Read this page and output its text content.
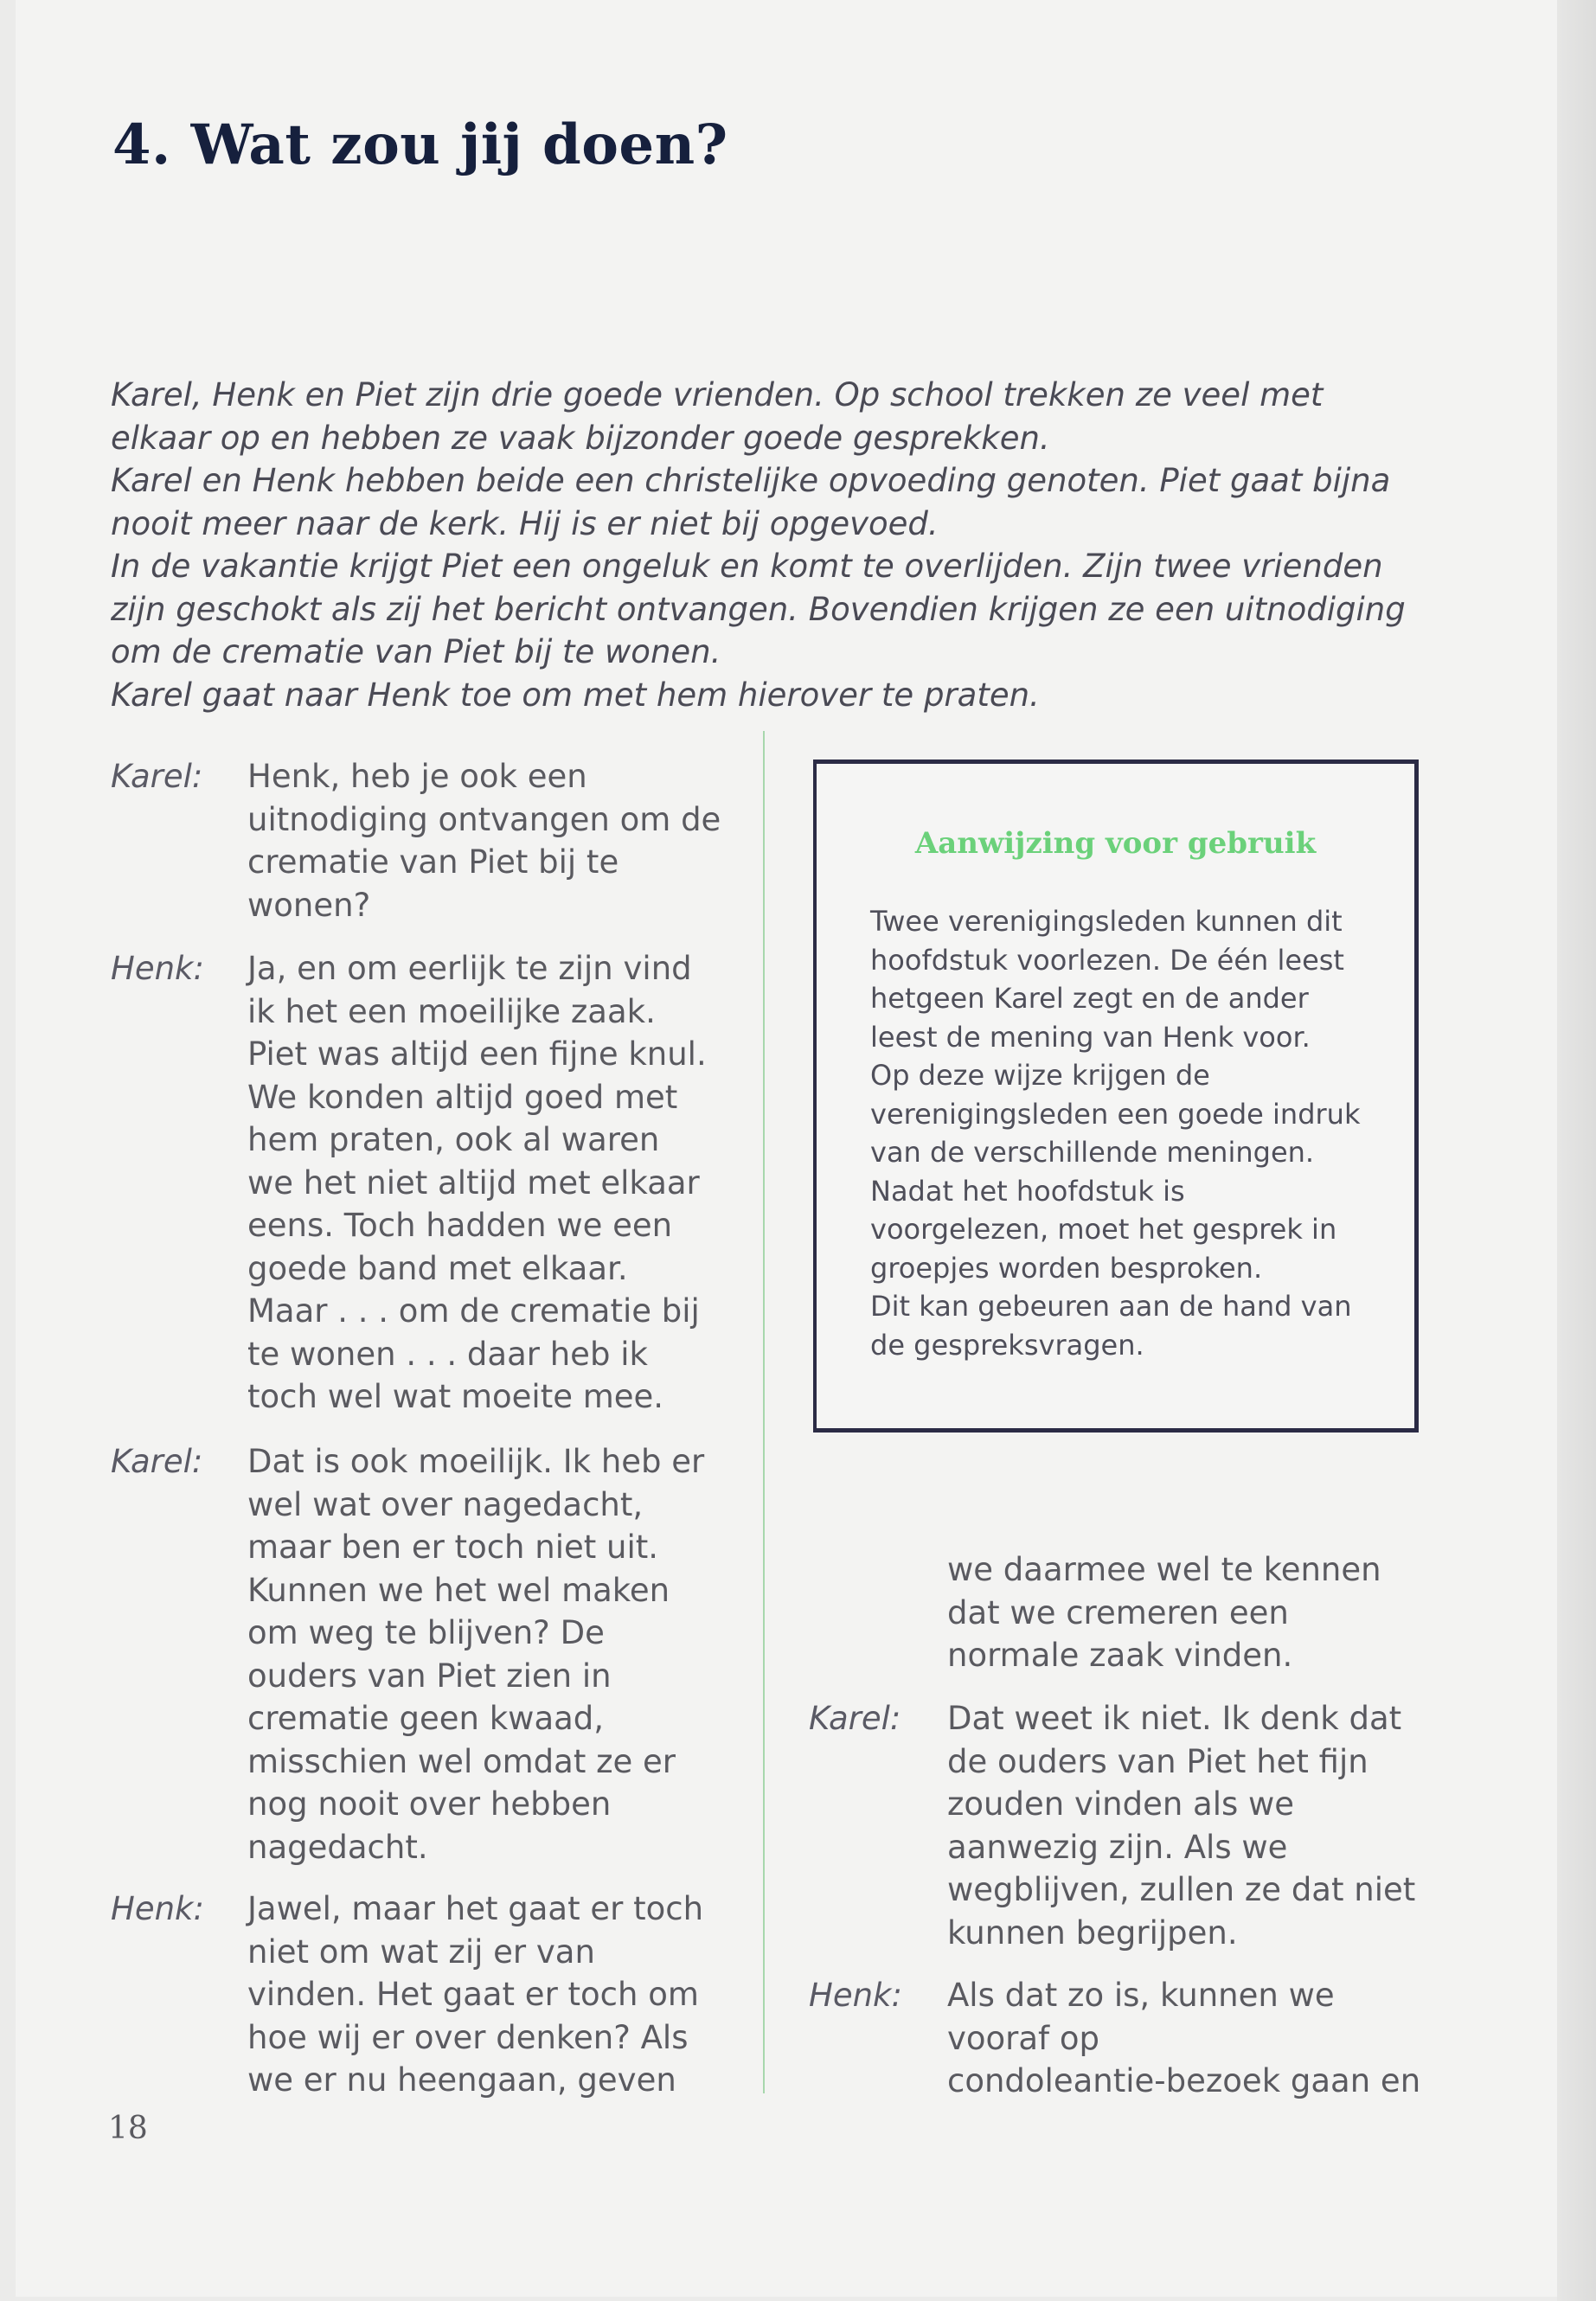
4. Wat zou jij doen?

Karel, Henk en Piet zijn drie goede vrienden. Op school trekken ze veel met

elkaar op en hebben ze vaak bijzonder goede gesprekken.

Karel en Henk hebben beide een christelijke opvoeding genoten. Piet gaat bijna

nooit meer naar de kerk. Hij is er niet bij opgevoed.

In de vakantie krijgt Piet een ongeluk en komt te overlijden. Zijn twee vrienden

zijn geschokt als zij het bericht ontvangen. Bovendien krijgen ze een uitnodiging

om de crematie van Piet bij te wonen.

Karel gaat naar Henk toe om met hem hierover te praten.

Karel: Henk, heb je ook een
uitnodiging ontvangen om de
crematie van Piet bij te
wonen?
Henk: Ja, en om eerlijk te zijn vind
ik het een moeilijke zaak.
Piet was altijd een fijne knul.
We konden altijd goed met
hem praten, ook al waren
we het niet altijd met elkaar
eens. Toch hadden we een
goede band met elkaar.
Maar . . . om de crematie bij
te wonen . . . daar heb ik
toch wel wat moeite mee.
Karel: Dat is ook moeilijk. Ik heb er
wel wat over nagedacht,
maar ben er toch niet uit.
Kunnen we het wel maken
om weg te blijven? De
ouders van Piet zien in
crematie geen kwaad,
misschien wel omdat ze er
nog nooit over hebben
nagedacht.
Henk: Jawel, maar het gaat er toch
niet om wat zij er van
vinden. Het gaat er toch om
hoe wij er over denken? Als
we er nu heengaan, geven
Aanwijzing voor gebruik
Twee verenigingsleden kunnen dit
hoofdstuk voorlezen. De één leest
hetgeen Karel zegt en de ander
leest de mening van Henk voor.
Op deze wijze krijgen de
verenigingsleden een goede indruk
van de verschillende meningen.
Nadat het hoofdstuk is
voorgelezen, moet het gesprek in
groepjes worden besproken.
Dit kan gebeuren aan de hand van
de gespreksvragen.
we daarmee wel te kennen
dat we cremeren een
normale zaak vinden.
Karel: Dat weet ik niet. Ik denk dat
de ouders van Piet het fijn
zouden vinden als we
aanwezig zijn. Als we
wegblijven, zullen ze dat niet
kunnen begrijpen.
Henk: Als dat zo is, kunnen we
vooraf op
condoleantie-bezoek gaan en
18
